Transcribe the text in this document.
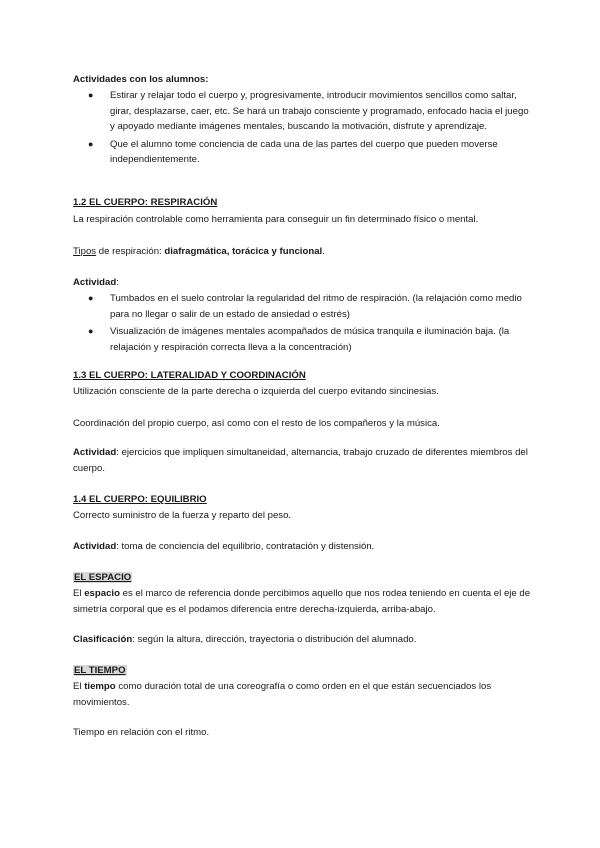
Actividades con los alumnos:
● Estirar y relajar todo el cuerpo y, progresivamente, introducir movimientos sencillos como saltar, girar, desplazarse, caer, etc. Se hará un trabajo consciente y programado, enfocado hacia el juego y apoyado mediante imágenes mentales, buscando la motivación, disfrute y aprendizaje.
● Que el alumno tome conciencia de cada una de las partes del cuerpo que pueden moverse independientemente.
1.2 EL CUERPO: RESPIRACIÓN
La respiración controlable como herramienta para conseguir un fin determinado físico o mental.
Tipos de respiración: diafragmática, torácica y funcional.
Actividad:
● Tumbados en el suelo controlar la regularidad del ritmo de respiración. (la relajación como medio para no llegar o salir de un estado de ansiedad o estrés)
● Visualización de imágenes mentales acompañados de música tranquila e iluminación baja. (la relajación y respiración correcta lleva a la concentración)
1.3 EL CUERPO: LATERALIDAD Y COORDINACIÓN
Utilización consciente de la parte derecha o izquierda del cuerpo evitando sincinesias.
Coordinación del propio cuerpo, así como con el resto de los compañeros y la música.
Actividad: ejercicios que impliquen simultaneidad, alternancia, trabajo cruzado de diferentes miembros del cuerpo.
1.4 EL CUERPO: EQUILIBRIO
Correcto suministro de la fuerza y reparto del peso.
Actividad: toma de conciencia del equilibrio, contratación y distensión.
EL ESPACIO
El espacio es el marco de referencia donde percibimos aquello que nos rodea teniendo en cuenta el eje de simetría corporal que es el podamos diferencia entre derecha-izquierda, arriba-abajo.
Clasificación: según la altura, dirección, trayectoria o distribución del alumnado.
EL TIEMPO
El tiempo como duración total de una coreografía o como orden en el que están secuenciados los movimientos.
Tiempo en relación con el ritmo.
